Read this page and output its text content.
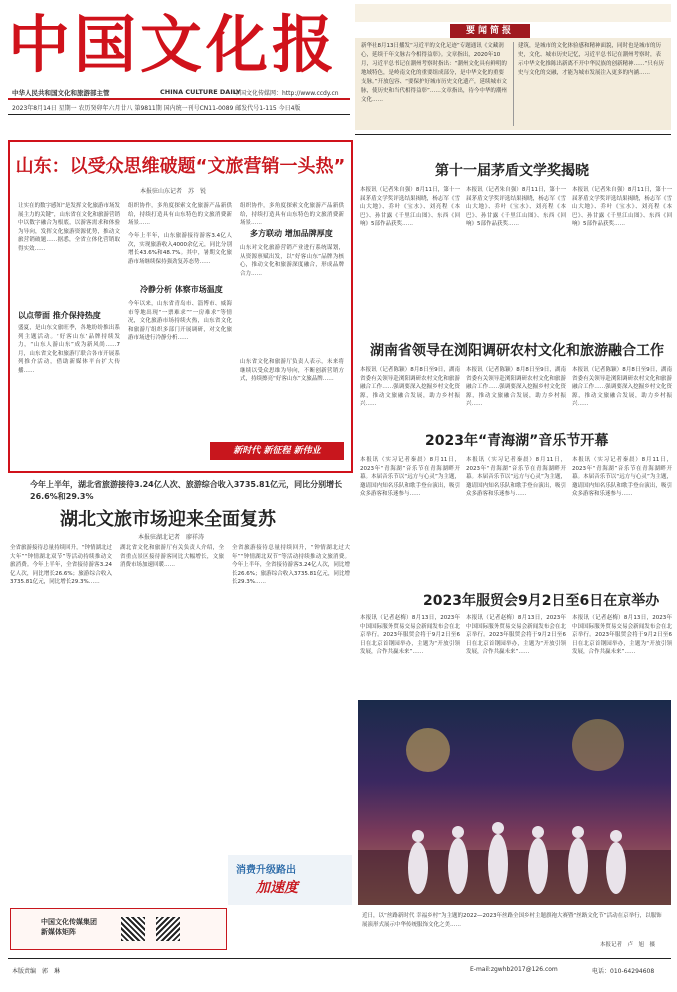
中国文化报
中华人民共和国文化和旅游部主管	CHINA CULTURE DAILY
中国文化传媒网：http://www.ccdy.cn
2023年8月14日 星期一 农历癸卯年六月廿八 第9811期 国内统一刊号CN11-0089 邮发代号1-115 今日4版
要闻简报
新华社8月13日播发“习近平的文化足迹”专题通讯《文藏润心，延续千年文脉古今相得益彰》。文章指出，2020年10月，习近平总书记在潮州考察时指出：“潮州文化具有鲜明的地域特色，是岭南文化的重要组成部分，是中华文化的重要支脉。”开放包容、“要保护好城市历史文化遗产，延续城市文脉，使历史和当代相得益彰”……文章指出，待今中华的潮州文化……
建筑，是城市的文化体验感和精神面貌，同时也是城市的历史，文化、城市历史记忆，习近平总书记在潮州考察时，表示中华文化推陈出新离不开中华民族的创新精神……“只有历史与文化的交融，才能为城市发展注入更多的内涵……
山东：以受众思维破题“文旅营销一头热”
本报驻山东记者　苏　锐
让实在的数字感知“是发挥文化旅游市场发展主力的关键”，山东省在文化和旅游营销中以数字融合为根底，以游客需求和体验为导向，发挥文化旅游资源优势，推动文旅营销破题……据悉，全省立体化营销取得实效……
以点带面 推介保持热度
盛夏，是山东文旅旺季，各地纷纷推出系列主题活动。‘好客山东’品牌持续发力，“山东人游山东”成为新风尚……7月，山东省文化和旅游厅联合各市开展系列推介活动，借助新媒体平台扩大传播……
组织协作，多角度探索文化旅游产品新供给，持续打造具有山东特色的文旅消费新场景……
今年上半年，山东旅游接待游客3.4亿人次，实现旅游收入4000余亿元，同比分别增长43.6%和48.7%。其中，暑期文化旅游市场继续保持强劲复苏态势……
冷静分析 体察市场温度
今年以来，山东省青岛市、淄博市、威海市等地出现“一票难求”“一房难求”等情况，文化旅游市场持续火热，山东省文化和旅游厅组织多部门开展调研，对文化旅游市场进行冷静分析……
组织协作，多角度探索文化旅游产品新供给，持续打造具有山东特色的文旅消费新场景……
多方联动 增加品牌厚度
山东对文化旅游营销产业进行系统谋划，从资源禀赋出发，以“好客山东”品牌为核心，推动文化和旅游深度融合，形成品牌合力……
山东省文化和旅游厅负责人表示，未来将继续以受众思维为导向，不断创新营销方式，持续擦亮“好客山东”文旅品牌……
新时代 新征程 新伟业
今年上半年，湖北省旅游接待3.24亿人次、旅游综合收入3735.81亿元，同比分别增长26.6%和29.3%
湖北文旅市场迎来全面复苏
本报驻湖北记者　廖祥涛
全省旅游接待总量持续回升，“钟情湖北过大年”“钟情湖北双节”等活动持续推动文旅消费。今年上半年，全省接待游客3.24亿人次，同比增长26.6%；旅游综合收入3735.81亿元，同比增长29.3%……
湖北省文化和旅游厅有关负责人介绍，全省重点景区接待游客同比大幅增长，文旅消费市场加速回暖……
全省旅游接待总量持续回升，“钟情湖北过大年”“钟情湖北双节”等活动持续推动文旅消费。今年上半年，全省接待游客3.24亿人次，同比增长26.6%；旅游综合收入3735.81亿元，同比增长29.3%……
消费升级路出
加速度
中国文化传媒集团
新媒体矩阵
第十一届茅盾文学奖揭晓
本报讯（记者朱自强）8月11日，第十一届茅盾文学奖评选结果揭晓，杨志军《雪山大地》、乔叶《宝水》、刘亮程《本巴》、孙甘露《千里江山图》、东西《回响》5部作品获奖……
本报讯（记者朱自强）8月11日，第十一届茅盾文学奖评选结果揭晓，杨志军《雪山大地》、乔叶《宝水》、刘亮程《本巴》、孙甘露《千里江山图》、东西《回响》5部作品获奖……
本报讯（记者朱自强）8月11日，第十一届茅盾文学奖评选结果揭晓，杨志军《雪山大地》、乔叶《宝水》、刘亮程《本巴》、孙甘露《千里江山图》、东西《回响》5部作品获奖……
湖南省领导在浏阳调研农村文化和旅游融合工作
本报讯（记者陈颖）8月8日至9日，湖南省委有关领导赴浏阳调研农村文化和旅游融合工作……强调要深入挖掘乡村文化资源，推动文旅融合发展，助力乡村振兴……
本报讯（记者陈颖）8月8日至9日，湖南省委有关领导赴浏阳调研农村文化和旅游融合工作……强调要深入挖掘乡村文化资源，推动文旅融合发展，助力乡村振兴……
本报讯（记者陈颖）8月8日至9日，湖南省委有关领导赴浏阳调研农村文化和旅游融合工作……强调要深入挖掘乡村文化资源，推动文旅融合发展，助力乡村振兴……
2023年“青海湖”音乐节开幕
本报讯（实习记者秦晨）8月11日，2023年“青海湖”音乐节在青海湖畔开幕。本届音乐节以“远方与心灵”为主题，邀请国内知名乐队和歌手登台演出，吸引众多游客和乐迷参与……
本报讯（实习记者秦晨）8月11日，2023年“青海湖”音乐节在青海湖畔开幕。本届音乐节以“远方与心灵”为主题，邀请国内知名乐队和歌手登台演出，吸引众多游客和乐迷参与……
本报讯（实习记者秦晨）8月11日，2023年“青海湖”音乐节在青海湖畔开幕。本届音乐节以“远方与心灵”为主题，邀请国内知名乐队和歌手登台演出，吸引众多游客和乐迷参与……
2023年服贸会9月2日至6日在京举办
本报讯（记者赵梅）8月13日，2023年中国国际服务贸易交易会新闻发布会在北京举行。2023年服贸会将于9月2日至6日在北京首钢园举办，主题为“开放引领发展，合作共赢未来”……
本报讯（记者赵梅）8月13日，2023年中国国际服务贸易交易会新闻发布会在北京举行。2023年服贸会将于9月2日至6日在北京首钢园举办，主题为“开放引领发展，合作共赢未来”……
本报讯（记者赵梅）8月13日，2023年中国国际服务贸易交易会新闻发布会在北京举行。2023年服贸会将于9月2日至6日在北京首钢园举办，主题为“开放引领发展，合作共赢未来”……
近日，以“丝路新时代 幸福乡村”为主题的2022—2023年丝路全国乡村主题旗袍大赛暨“丝路文化节”活动在京举行，以服饰展演形式展示中华传统服饰文化之美……
本报记者　卢　旭　摄
本版责编　郭　琳	E-mail:zgwhb2017@126.com	电话：010-64294608
